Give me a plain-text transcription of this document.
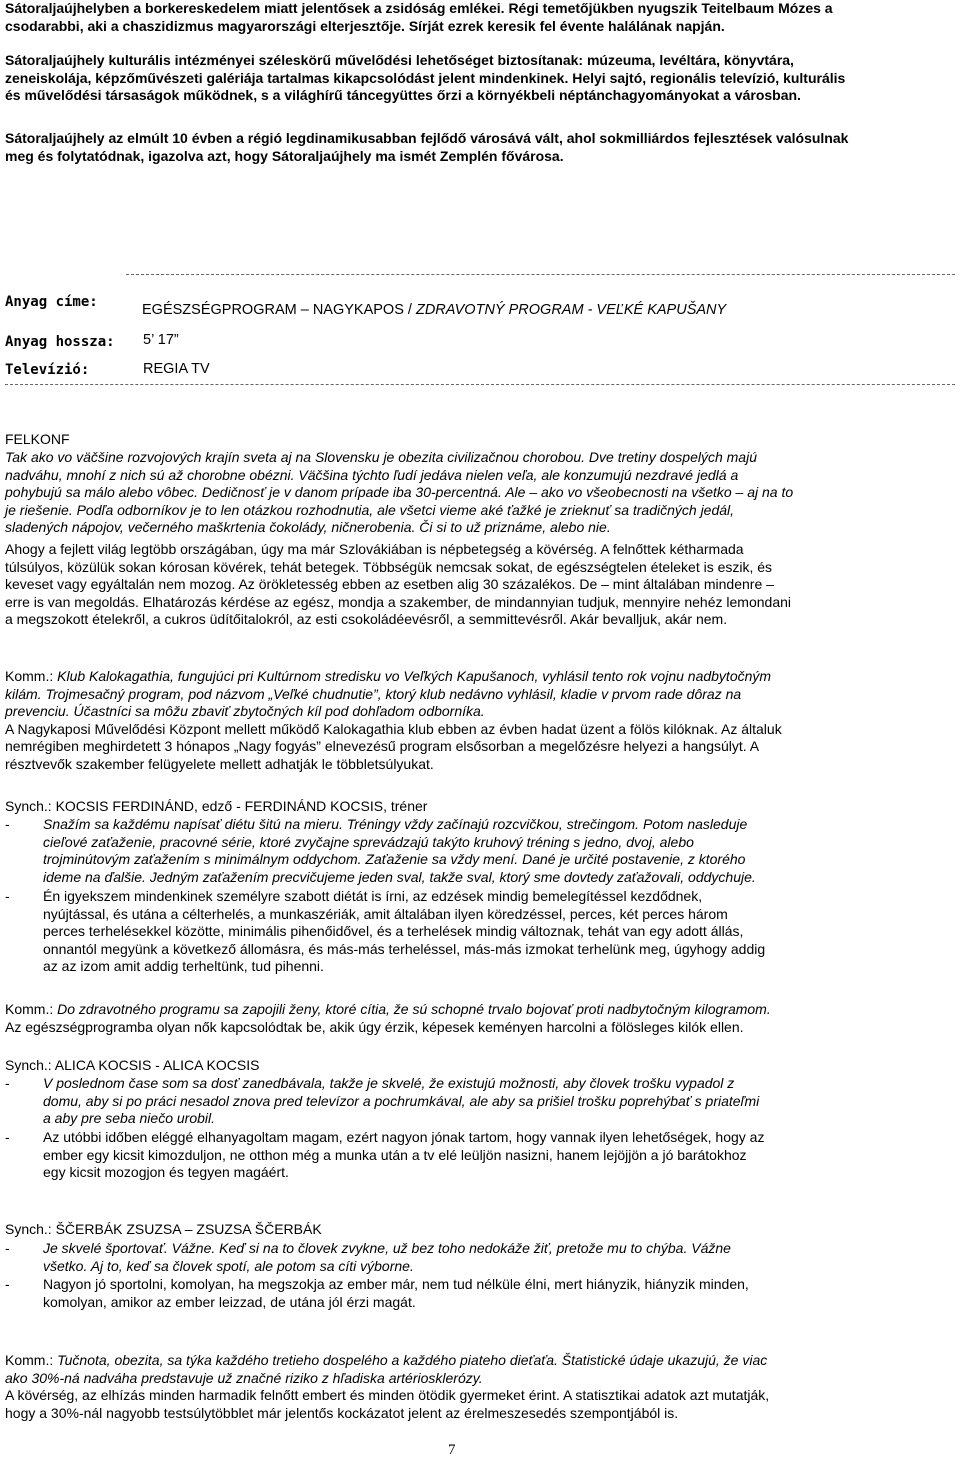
Sátoraljaújhelyben a borkereskedelem miatt jelentősek a zsidóság emlékei. Régi temetőjükben nyugszik Teitelbaum Mózes a
csodarabbi, aki a chaszidizmus magyarországi elterjesztője. Sírját ezrek keresik fel évente halálának napján.
Sátoraljaújhely kulturális intézményei széleskörű művelődési lehetőséget biztosítanak: múzeuma, levéltára, könyvtára,
zeneiskolája, képzőművészeti galériája tartalmas kikapcsolódást jelent mindenkinek. Helyi sajtó, regionális televízió, kulturális
és művelődési társaságok működnek, s a világhírű táncegyüttes őrzi a környékbeli néptánchagyományokat a városban.
Sátoraljaújhely az elmúlt 10 évben a régió legdinamikusabban fejlődő városává vált, ahol sokmilliárdos fejlesztések valósulnak
meg és folytatódnak, igazolva azt, hogy Sátoraljaújhely ma ismét Zemplén fővárosa.
Anyag címe:	EGÉSZSÉGPROGRAM – NAGYKAPOS / ZDRAVOTNÝ PROGRAM - VEĽKÉ KAPUŠANY
Anyag hossza: 5’ 17”
Televízió:	REGIA TV
FELKONF
Tak ako vo väčšine rozvojových krajín sveta aj na Slovensku je obezita civilizačnou chorobou. Dve tretiny dospelých majú
nadváhu, mnohí z nich sú až chorobne obézni. Väčšina týchto ľudí jedáva nielen veľa, ale konzumujú nezdravé jedlá a
pohybujú sa málo alebo vôbec. Dedičnosť je v danom prípade iba 30-percentná. Ale – ako vo všeobecnosti na všetko – aj na to
je riešenie. Podľa odborníkov je to len otázkou rozhodnutia, ale všetci vieme aké ťažké je zrieknuť sa tradičných jedál,
sladených nápojov, večerného maškrtenia čokolády, ničnerobenia. Či si to už priznáme, alebo nie.
Ahogy a fejlett világ legtöbb országában, úgy ma már Szlovákiában is népbetegség a kövérség. A felnőttek kétharmada
túlsúlyos, közülük sokan kórosan kövérek, tehát betegek. Többségük nemcsak sokat, de egészségtelen ételeket is eszik, és
keveset vagy egyáltalán nem mozog. Az örökletesség ebben az esetben alig 30 százalékos. De – mint általában mindenre –
erre is van megoldás. Elhatározás kérdése az egész, mondja a szakember, de mindannyian tudjuk, mennyire nehéz lemondani
a megszokott ételekről, a cukros üdítőitalokról, az esti csokoládéevésről, a semmittevésről. Akár bevalljuk, akár nem.
Komm.: Klub Kalokagathia, fungujúci pri Kultúrnom stredisku vo Veľkých Kapušanoch, vyhlásil tento rok vojnu nadbytočným
kilám. Trojmesačný program, pod názvom „Veľké chudnutie”, ktorý klub nedávno vyhlásil, kladie v prvom rade dôraz na
prevenciu. Účastníci sa môžu zbaviť zbytočných kíl pod dohľadom odborníka.
A Nagykaposi Művelődési Központ mellett működő Kalokagathia klub ebben az évben hadat üzent a fölös kilóknak. Az általuk
nemrégiben meghirdetett 3 hónapos „Nagy fogyás” elnevezésű program elsősorban a megelőzésre helyezi a hangsúlyt. A
résztvevők szakember felügyelete mellett adhatják le többletsúlyukat.
Synch.: KOCSIS FERDINÁND, edző - FERDINÁND KOCSIS, tréner
- Snažím sa každému napísať diétu šitú na mieru. Tréningy vždy začínajú rozcvičkou, strečingom. Potom nasleduje
cieľové zaťaženie, pracovné série, ktoré zvyčajne sprevádzajú takýto kruhový tréning s jedno, dvoj, alebo
trojminútovým zaťažením s minimálnym oddychom. Zaťaženie sa vždy mení. Dané je určité postavenie, z ktorého
ideme na ďalšie. Jedným zaťažením precvičujeme jeden sval, takže sval, ktorý sme dovtedy zaťažovali, oddychuje.
- Én igyekszem mindenkinek személyre szabott diétát is írni, az edzések mindig bemelegítéssel kezdődnek,
nyújtással, és utána a célterhelés, a munkaszériák, amit általában ilyen köredzéssel, perces, két perces három
perces terhelésekkel közötte, minimális pihenőidővel, és a terhelések mindig változnak, tehát van egy adott állás,
onnantól megyünk a következő állomásra, és más-más terheléssel, más-más izmokat terhelünk meg, úgyhogy addig
az az izom amit addig terheltünk, tud pihenni.
Komm.: Do zdravotného programu sa zapojili ženy, ktoré cítia, že sú schopné trvalo bojovať proti nadbytočným kilogramom.
Az egészségprogramba olyan nők kapcsolódtak be, akik úgy érzik, képesek keményen harcolni a fölösleges kilók ellen.
Synch.: ALICA KOCSIS - ALICA KOCSIS
- V poslednom čase som sa dosť zanedbávala, takže je skvelé, že existujú možnosti, aby človek trošku vypadol z
domu, aby si po práci nesadol znova pred televízor a pochrumkával, ale aby sa prišiel trošku poprehýbať s priateľmi
a aby pre seba niečo urobil.
- Az utóbbi időben eléggé elhanyagoltam magam, ezért nagyon jónak tartom, hogy vannak ilyen lehetőségek, hogy az
ember egy kicsit kimozduljon, ne otthon még a munka után a tv elé leüljön nasizni, hanem lejöjjön a jó barátokhoz
egy kicsit mozogjon és tegyen magáért.
Synch.: ŠČERBÁK ZSUZSA – ZSUZSA ŠČERBÁK
- Je skvelé športovať. Vážne. Keď si na to človek zvykne, už bez toho nedokáže žiť, pretože mu to chýba. Vážne
všetko. Aj to, keď sa človek spotí, ale potom sa cíti výborne.
- Nagyon jó sportolni, komolyan, ha megszokja az ember már, nem tud nélküle élni, mert hiányzik, hiányzik minden,
komolyan, amikor az ember leizzad, de utána jól érzi magát.
Komm.: Tučnota, obezita, sa týka každého tretieho dospelého a každého piateho dieťaťa. Štatistické údaje ukazujú, že viac
ako 30%-ná nadváha predstavuje už značné riziko z hľadiska artériosklerózy.
A kövérség, az elhízás minden harmadik felnőtt embert és minden ötödik gyermeket érint. A statisztikai adatok azt mutatják,
hogy a 30%-nál nagyobb testsúlytöbblet már jelentős kockázatot jelent az érelmeszesedés szempontjából is.
7
